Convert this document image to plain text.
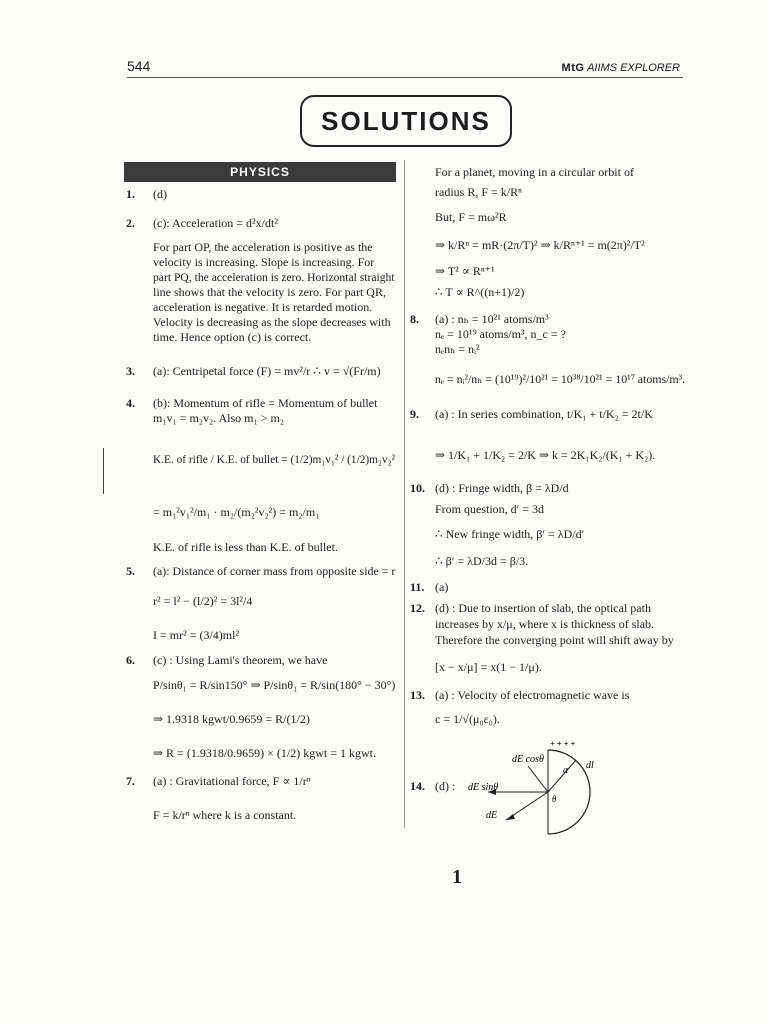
544	MtG AIIMS EXPLORER
SOLUTIONS
PHYSICS
1. (d)
2. (c): Acceleration = d²x/dt²
For part OP, the acceleration is positive as the
velocity is increasing. Slope is increasing. For
part PQ, the acceleration is zero. Horizontal straight
line shows that the velocity is zero. For part QR,
acceleration is negative. It is retarded motion.
Velocity is decreasing as the slope decreases with
time. Hence option (c) is correct.
3. (a): Centripetal force (F) = mv²/r ∴ v = √(Fr/m)
4. (b): Momentum of rifle = Momentum of bullet
m₁v₁ = m₂v₂. Also m₁ > m₂
K.E. of rifle / K.E. of bullet = (1/2)m₁v₁² / (1/2)m₂v₂²
= m₁²v₁²/m₁ · m₂/(m₂²v₂²) = m₂/m₁
K.E. of rifle is less than K.E. of bullet.
5. (a): Distance of corner mass from opposite side = r
r² = l² − (l/2)² = 3l²/4
I = mr² = (3/4)ml²
6. (c) : Using Lami's theorem, we have
P/sinθ₁ = R/sin150° ⇒ P/sinθ₁ = R/sin(180° − 30°)
⇒ 1.9318 kgwt/0.9659 = R/(1/2)
⇒ R = (1.9318/0.9659) × (1/2) kgwt = 1 kgwt.
7. (a) : Gravitational force, F ∝ 1/rⁿ
F = k/rⁿ where k is a constant.
For a planet, moving in a circular orbit of
radius R, F = k/Rⁿ
But, F = mω²R
⇒ k/Rⁿ = mR·(2π/T)² ⇒ k/Rⁿ⁺¹ = m(2π)²/T²
⇒ T² ∝ Rⁿ⁺¹
∴ T ∝ R^((n+1)/2)
8. (a) : nₕ = 10²¹ atoms/m³
nₑ = 10¹⁹ atoms/m³, n_c = ?
nₑnₕ = nᵢ²
nₑ = nᵢ²/nₕ = (10¹⁹)²/10²¹ = 10³⁸/10²¹ = 10¹⁷ atoms/m³.
9. (a) : In series combination, t/K₁ + t/K₂ = 2t/K
⇒ 1/K₁ + 1/K₂ = 2/K ⇒ k = 2K₁K₂/(K₁ + K₂).
10. (d) : Fringe width, β = λD/d
From question, d′ = 3d
∴ New fringe width, β′ = λD/d′
∴ β′ = λD/3d = β/3.
11. (a)
12. (d) : Due to insertion of slab, the optical path
increases by x/μ, where x is thickness of slab.
Therefore the converging point will shift away by
[x − x/μ] = x(1 − 1/μ).
13. (a) : Velocity of electromagnetic wave is
c = 1/√(μ₀ε₀).
14. (d) :
dE cosθ
dE sinθ
dE
a
θ
dl
+ + + +
1
